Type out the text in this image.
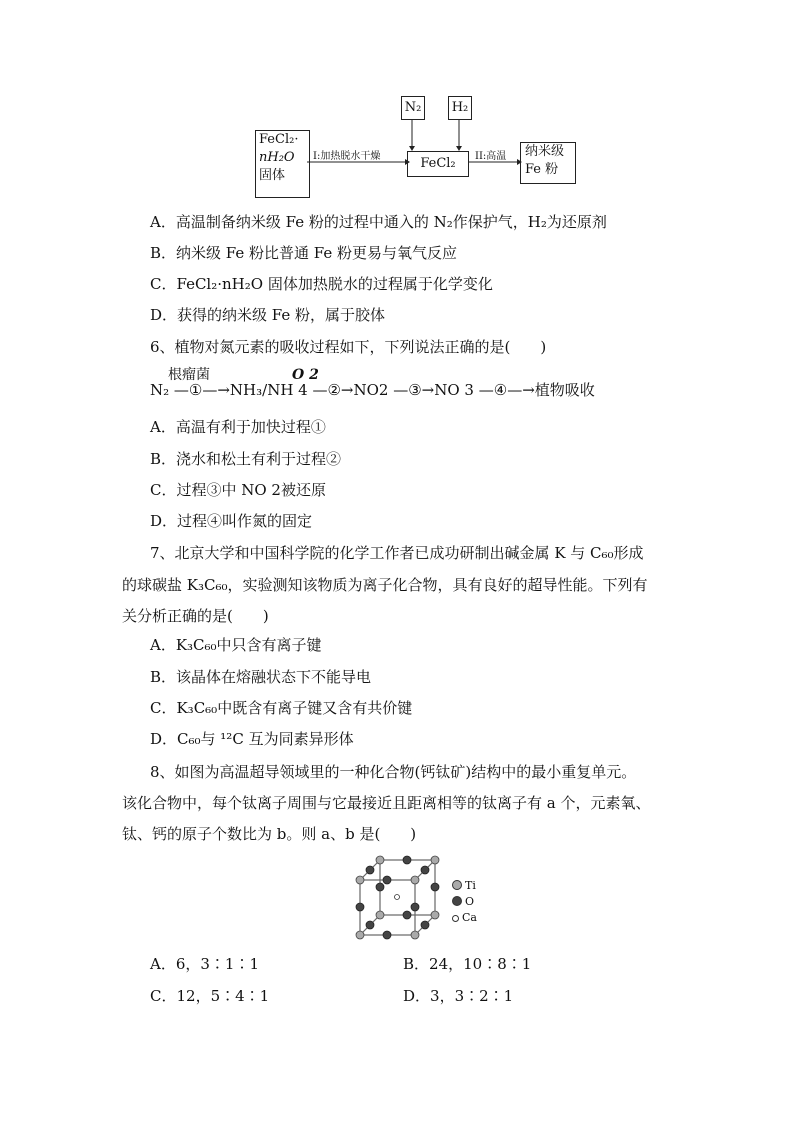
FeCl₂·
nH₂O
固体
N₂ H₂
FeCl₂
纳米级
Fe 粉
I:加热脱水干燥	II:高温
A．高温制备纳米级 Fe 粉的过程中通入的 N₂作保护气，H₂为还原剂
B．纳米级 Fe 粉比普通 Fe 粉更易与氧气反应
C．FeCl₂·nH₂O 固体加热脱水的过程属于化学变化
D．获得的纳米级 Fe 粉，属于胶体
6、植物对氮元素的吸收过程如下，下列说法正确的是(　　)
根瘤菌	O 2
N₂ —①—→NH₃/NH 4 —②→NO2 —③→NO 3 —④—→植物吸收
A．高温有利于加快过程①
B．浇水和松土有利于过程②
C．过程③中 NO 2被还原
D．过程④叫作氮的固定
7、北京大学和中国科学院的化学工作者已成功研制出碱金属 K 与 C₆₀形成
的球碳盐 K₃C₆₀，实验测知该物质为离子化合物，具有良好的超导性能。下列有
关分析正确的是(　　)
A．K₃C₆₀中只含有离子键
B．该晶体在熔融状态下不能导电
C．K₃C₆₀中既含有离子键又含有共价键
D．C₆₀与 ¹²C 互为同素异形体
8、如图为高温超导领域里的一种化合物(钙钛矿)结构中的最小重复单元。
该化合物中，每个钛离子周围与它最接近且距离相等的钛离子有 a 个，元素氧、
钛、钙的原子个数比为 b。则 a、b 是(　　)
Ti
O
Ca
A．6，3∶1∶1	B．24，10∶8∶1
C．12，5∶4∶1	D．3，3∶2∶1
